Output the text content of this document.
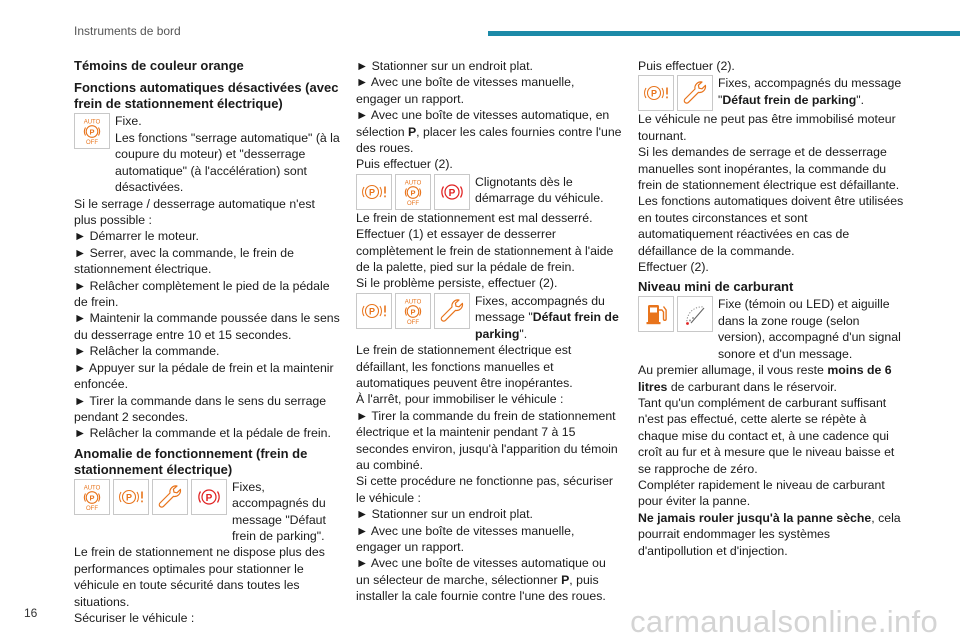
Instruments de bord

Témoins de couleur orange

Fonctions automatiques désactivées (avec frein de stationnement électrique)

AUTO
P
OFF

Fixe.

Les fonctions "serrage automatique" (à la coupure du moteur) et "desserrage automatique" (à l'accélération) sont désactivées.

Si le serrage / desserrage automatique n'est plus possible :

► Démarrer le moteur.

► Serrer, avec la commande, le frein de stationnement électrique.

► Relâcher complètement le pied de la pédale de frein.

► Maintenir la commande poussée dans le sens du desserrage entre 10 et 15 secondes.

► Relâcher la commande.

► Appuyer sur la pédale de frein et la maintenir enfoncée.

► Tirer la commande dans le sens du serrage pendant 2 secondes.

► Relâcher la commande et la pédale de frein.

Anomalie de fonctionnement (frein de stationnement électrique)

AUTO
P
OFF
P	P

Fixes, accompagnés du message "Défaut frein de parking".

Le frein de stationnement ne dispose plus des performances optimales pour stationner le véhicule en toute sécurité dans toutes les situations.

Sécuriser le véhicule :

► Stationner sur un endroit plat.

► Avec une boîte de vitesses manuelle, engager un rapport.

► Avec une boîte de vitesses automatique, en sélection P, placer les cales fournies contre l'une des roues.

Puis effectuer (2).

P
AUTO
P
OFF
P

Clignotants dès le démarrage du véhicule.

Le frein de stationnement est mal desserré.

Effectuer (1) et essayer de desserrer complètement le frein de stationnement à l'aide de la palette, pied sur la pédale de frein.

Si le problème persiste, effectuer (2).

P
AUTO
P
OFF

Fixes, accompagnés du message "Défaut frein de parking".

Le frein de stationnement électrique est défaillant, les fonctions manuelles et automatiques peuvent être inopérantes.

À l'arrêt, pour immobiliser le véhicule :

► Tirer la commande du frein de stationnement électrique et la maintenir pendant 7 à 15 secondes environ, jusqu'à l'apparition du témoin au combiné.

Si cette procédure ne fonctionne pas, sécuriser le véhicule :

► Stationner sur un endroit plat.

► Avec une boîte de vitesses manuelle, engager un rapport.

► Avec une boîte de vitesses automatique ou un sélecteur de marche, sélectionner P, puis installer la cale fournie contre l'une des roues.

Puis effectuer (2).

P

Fixes, accompagnés du message "Défaut frein de parking".

Le véhicule ne peut pas être immobilisé moteur tournant.

Si les demandes de serrage et de desserrage manuelles sont inopérantes, la commande du frein de stationnement électrique est défaillante.

Les fonctions automatiques doivent être utilisées en toutes circonstances et sont automatiquement réactivées en cas de défaillance de la commande.

Effectuer (2).

Niveau mini de carburant

Fixe (témoin ou LED) et aiguille dans la zone rouge (selon version), accompagné d'un signal sonore et d'un message.

Au premier allumage, il vous reste moins de 6 litres de carburant dans le réservoir.

Tant qu'un complément de carburant suffisant n'est pas effectué, cette alerte se répète à chaque mise du contact et, à une cadence qui croît au fur et à mesure que le niveau baisse et se rapproche de zéro.

Compléter rapidement le niveau de carburant pour éviter la panne.

Ne jamais rouler jusqu'à la panne sèche, cela pourrait endommager les systèmes d'antipollution et d'injection.

16	carmanualsonline.info
